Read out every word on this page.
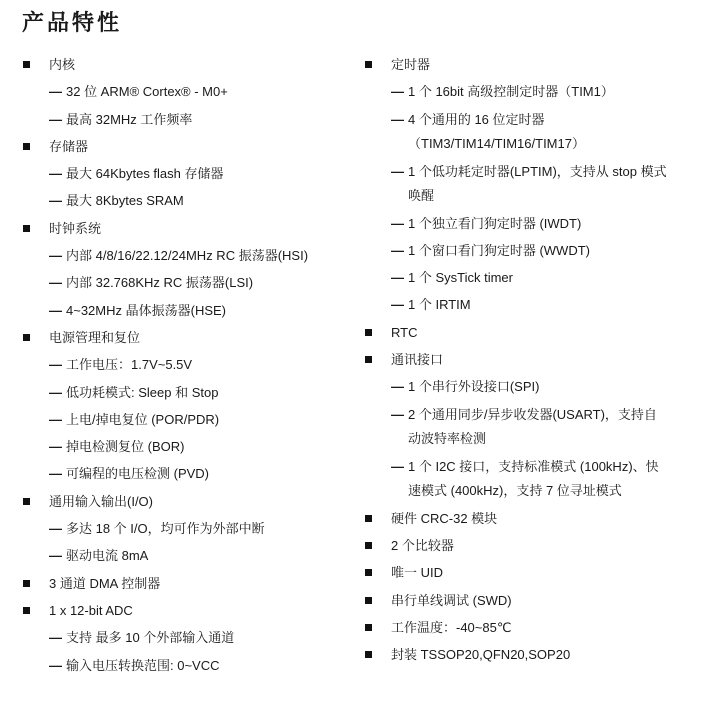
产品特性
内核
— 32 位 ARM® Cortex® - M0+
— 最高 32MHz 工作频率
存储器
— 最大 64Kbytes flash 存储器
— 最大 8Kbytes SRAM
时钟系统
— 内部 4/8/16/22.12/24MHz RC 振荡器(HSI)
— 内部 32.768KHz RC 振荡器(LSI)
— 4~32MHz 晶体振荡器(HSE)
电源管理和复位
— 工作电压：1.7V~5.5V
— 低功耗模式: Sleep 和 Stop
— 上电/掉电复位 (POR/PDR)
— 掉电检测复位 (BOR)
— 可编程的电压检测 (PVD)
通用输入输出(I/O)
— 多达 18 个 I/O，均可作为外部中断
— 驱动电流 8mA
3 通道 DMA 控制器
1 x 12-bit ADC
— 支持 最多 10 个外部输入通道
— 输入电压转换范围: 0~VCC
定时器
— 1 个 16bit 高级控制定时器（TIM1）
— 4 个通用的 16 位定时器
（TIM3/TIM14/TIM16/TIM17）
— 1 个低功耗定时器(LPTIM)，支持从 stop 模式
唤醒
— 1 个独立看门狗定时器 (IWDT)
— 1 个窗口看门狗定时器 (WWDT)
— 1 个 SysTick timer
— 1 个 IRTIM
RTC
通讯接口
— 1 个串行外设接口(SPI)
— 2 个通用同步/异步收发器(USART)，支持自
动波特率检测
— 1 个 I2C 接口，支持标准模式 (100kHz)、快
速模式 (400kHz)，支持 7 位寻址模式
硬件 CRC-32 模块
2 个比较器
唯一 UID
串行单线调试 (SWD)
工作温度：-40~85℃
封装 TSSOP20,QFN20,SOP20
